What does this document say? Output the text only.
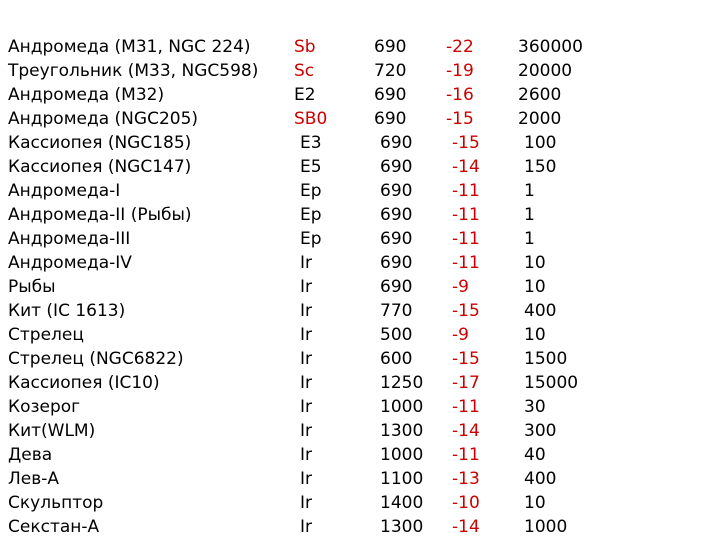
Андромеда (M31, NGC 224)	Sb	690	-22	360000
Треугольник (M33, NGC598)	Sc	720	-19	20000
Андромеда (M32)	E2	690	-16	2600
Андромеда (NGC205)	SB0	690	-15	2000
Кассиопея (NGC185)	E3	690	-15	100
Кассиопея (NGC147)	E5	690	-14	150
Андромеда-I	Ep	690	-11	1
Андромеда-II (Рыбы)	Ep	690	-11	1
Андромеда-III	Ep	690	-11	1
Андромеда-IV	Ir	690	-11	10
Рыбы	Ir	690	-9	10
Кит (IC 1613)	Ir	770	-15	400
Стрелец	Ir	500	-9	10
Стрелец (NGC6822)	Ir	600	-15	1500
Кассиопея (IC10)	Ir	1250	-17	15000
Козерог	Ir	1000	-11	30
Кит(WLM)	Ir	1300	-14	300
Дева	Ir	1000	-11	40
Лев-A	Ir	1100	-13	400
Скульптор	Ir	1400	-10	10
Секстан-A	Ir	1300	-14	1000
